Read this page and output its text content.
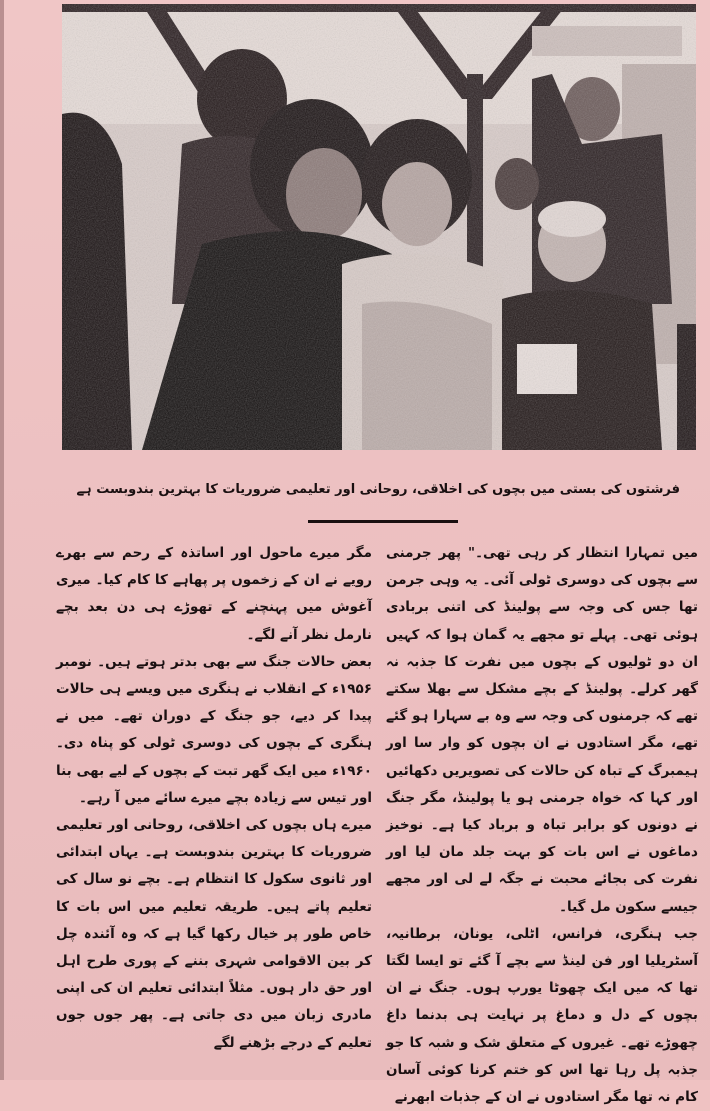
فرشتوں کی بستی میں بچوں کی اخلاقی، روحانی اور تعلیمی ضروریات کا بہترین بندوبست ہے

میں تمہارا انتظار کر رہی تھی۔" پھر جرمنی سے بچوں کی دوسری ٹولی آئی۔ یہ وہی جرمن تھا جس کی وجہ سے پولینڈ کی اتنی بربادی ہوئی تھی۔ پہلے تو مجھے یہ گمان ہوا کہ کہیں ان دو ٹولیوں کے بچوں میں نفرت کا جذبہ نہ گھر کرلے۔ پولینڈ کے بچے مشکل سے بھلا سکتے تھے کہ جرمنوں کی وجہ سے وہ بے سہارا ہو گئے تھے، مگر استادوں نے ان بچوں کو وار سا اور ہیمبرگ کے تباہ کن حالات کی تصویریں دکھائیں اور کہا کہ خواہ جرمنی ہو یا پولینڈ، مگر جنگ نے دونوں کو برابر تباہ و برباد کیا ہے۔ نوخیز دماغوں نے اس بات کو بہت جلد مان لیا اور نفرت کی بجائے محبت نے جگہ لے لی اور مجھے جیسے سکون مل گیا۔

جب ہنگری، فرانس، اٹلی، یونان، برطانیہ، آسٹریلیا اور فن لینڈ سے بچے آ گئے تو ایسا لگتا تھا کہ میں ایک چھوٹا یورپ ہوں۔ جنگ نے ان بچوں کے دل و دماغ پر نہایت ہی بدنما داغ چھوڑے تھے۔ غیروں کے متعلق شک و شبہ کا جو جذبہ پل رہا تھا اس کو ختم کرنا کوئی آسان کام نہ تھا مگر استادوں نے ان کے جذبات ابھرنے

مگر میرے ماحول اور اساتذہ کے رحم سے بھرے رویے نے ان کے زخموں پر پھاہے کا کام کیا۔ میری آغوش میں پہنچنے کے تھوڑے ہی دن بعد بچے نارمل نظر آنے لگے۔

بعض حالات جنگ سے بھی بدتر ہوتے ہیں۔ نومبر ۱۹۵۶ء کے انقلاب نے ہنگری میں ویسے ہی حالات پیدا کر دیے، جو جنگ کے دوران تھے۔ میں نے ہنگری کے بچوں کی دوسری ٹولی کو پناہ دی۔ ۱۹۶۰ء میں ایک گھر تبت کے بچوں کے لیے بھی بنا اور تیس سے زیادہ بچے میرے سائے میں آ رہے۔

میرے ہاں بچوں کی اخلاقی، روحانی اور تعلیمی ضروریات کا بہترین بندوبست ہے۔ یہاں ابتدائی اور ثانوی سکول کا انتظام ہے۔ بچے نو سال کی تعلیم پاتے ہیں۔ طریقہ تعلیم میں اس بات کا خاص طور پر خیال رکھا گیا ہے کہ وہ آئندہ چل کر بین الاقوامی شہری بننے کے پوری طرح اہل اور حق دار ہوں۔ مثلاً ابتدائی تعلیم ان کی اپنی مادری زبان میں دی جاتی ہے۔ پھر جوں جوں تعلیم کے درجے بڑھنے لگے
